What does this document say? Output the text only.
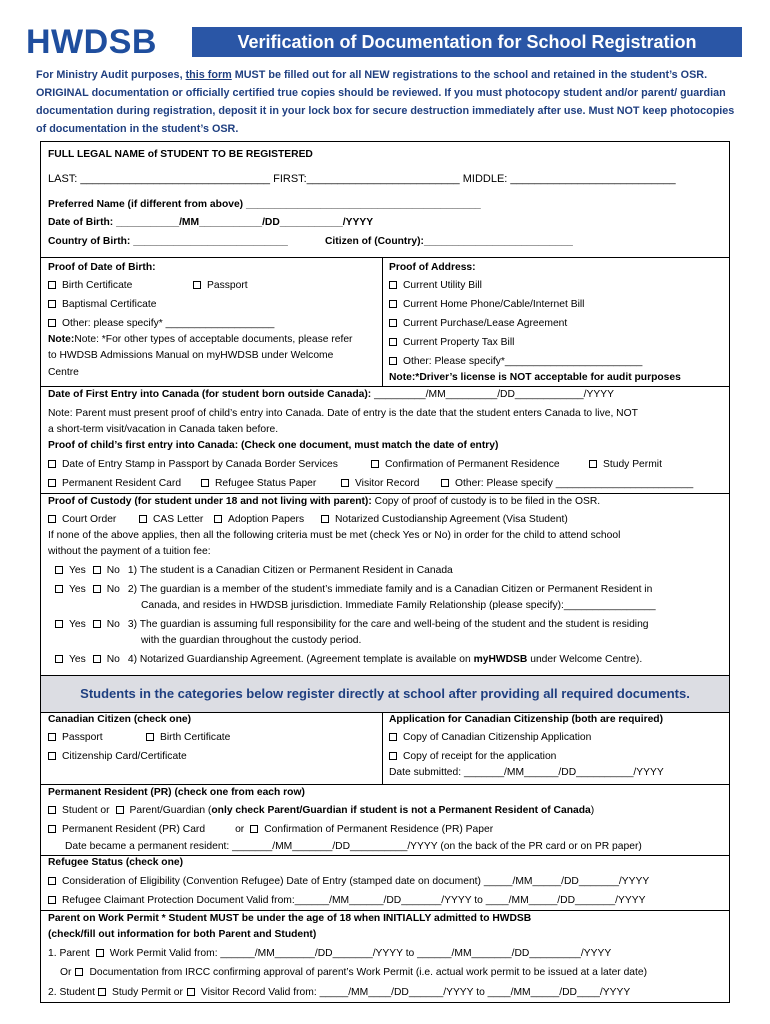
HWDSB	Verification of Documentation for School Registration
For Ministry Audit purposes, this form MUST be filled out for all NEW registrations to the school and retained in the student’s OSR. ORIGINAL documentation or officially certified true copies should be reviewed. If you must photocopy student and/or parent/ guardian documentation during registration, deposit it in your lock box for secure destruction immediately after use. Must NOT keep photocopies of documentation in the student’s OSR.
FULL LEGAL NAME of STUDENT TO BE REGISTERED
LAST: _______________________________ FIRST:_________________________ MIDDLE: ___________________________
Preferred Name (if different from above) _________________________________________
Date of Birth: ___________/MM___________/DD___________/YYYY
Country of Birth: ___________________________	Citizen of (Country):__________________________
Proof of Date of Birth:
Birth Certificate	Passport
Baptismal Certificate
Other: please specify* ___________________
Note:Note: *For other types of acceptable documents, please refer
to HWDSB Admissions Manual on myHWDSB under Welcome
Centre
Proof of Address:
Current Utility Bill
Current Home Phone/Cable/Internet Bill
Current Purchase/Lease Agreement
Current Property Tax Bill
Other: Please specify*________________________
Note:*Driver’s license is NOT acceptable for audit purposes
Date of First Entry into Canada (for student born outside Canada): _________/MM_________/DD____________/YYYY
Note: Parent must present proof of child’s entry into Canada. Date of entry is the date that the student enters Canada to live, NOT
a short-term visit/vacation in Canada taken before.
Proof of child’s first entry into Canada: (Check one document, must match the date of entry)
Date of Entry Stamp in Passport by Canada Border Services	Confirmation of Permanent Residence	Study Permit
Permanent Resident Card	Refugee Status Paper	Visitor Record	Other: Please specify ________________________
Proof of Custody (for student under 18 and not living with parent): Copy of proof of custody is to be filed in the OSR.
Court Order	CAS Letter	Adoption Papers	Notarized Custodianship Agreement (Visa Student)
If none of the above applies, then all the following criteria must be met (check Yes or No) in order for the child to attend school
without the payment of a tuition fee:
Yes No 1) The student is a Canadian Citizen or Permanent Resident in Canada
Yes No 2) The guardian is a member of the student’s immediate family and is a Canadian Citizen or Permanent Resident in
Canada, and resides in HWDSB jurisdiction. Immediate Family Relationship (please specify):________________
Yes No 3) The guardian is assuming full responsibility for the care and well-being of the student and the student is residing
with the guardian throughout the custody period.
Yes No 4) Notarized Guardianship Agreement. (Agreement template is available on myHWDSB under Welcome Centre).
Students in the categories below register directly at school after providing all required documents.
Canadian Citizen (check one)
Passport	Birth Certificate
Citizenship Card/Certificate
Application for Canadian Citizenship (both are required)
Copy of Canadian Citizenship Application
Copy of receipt for the application
Date submitted: _______/MM______/DD__________/YYYY
Permanent Resident (PR) (check one from each row)
Student or Parent/Guardian (only check Parent/Guardian if student is not a Permanent Resident of Canada)
Permanent Resident (PR) Card	or Confirmation of Permanent Residence (PR) Paper
Date became a permanent resident: _______/MM_______/DD__________/YYYY (on the back of the PR card or on PR paper)
Refugee Status (check one)
Consideration of Eligibility (Convention Refugee) Date of Entry (stamped date on document) _____/MM_____/DD_______/YYYY
Refugee Claimant Protection Document Valid from:______/MM______/DD_______/YYYY to ____/MM_____/DD_______/YYYY
Parent on Work Permit * Student MUST be under the age of 18 when INITIALLY admitted to HWDSB
(check/fill out information for both Parent and Student)
1. Parent Work Permit Valid from: ______/MM_______/DD_______/YYYY to ______/MM_______/DD_________/YYYY
Or Documentation from IRCC confirming approval of parent’s Work Permit (i.e. actual work permit to be issued at a later date)
2. Student Study Permit or Visitor Record Valid from: _____/MM____/DD______/YYYY to ____/MM_____/DD____/YYYY
